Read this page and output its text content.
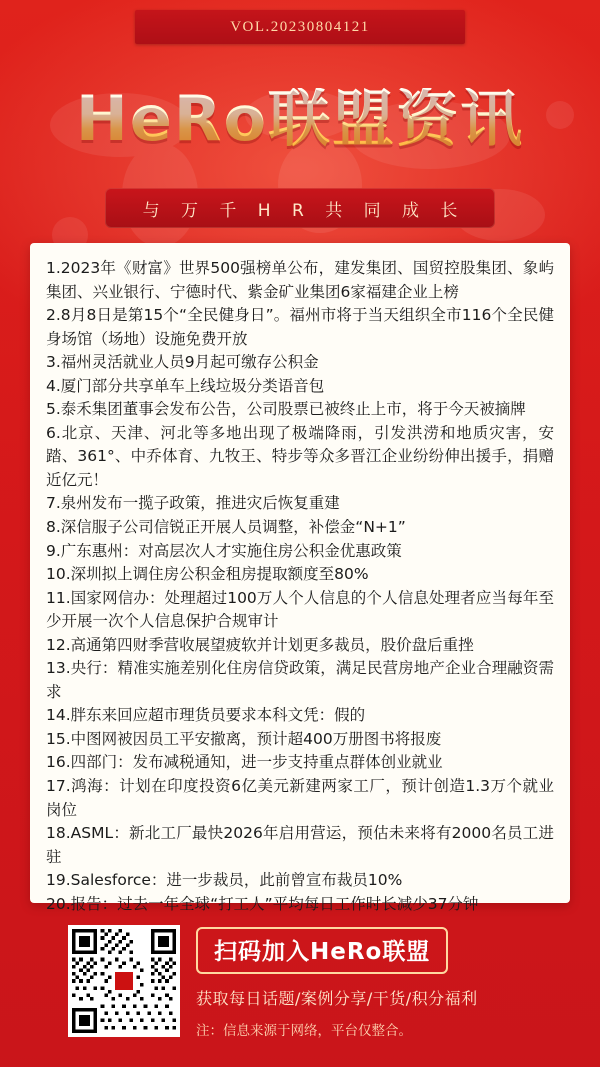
VOL.20230804121
HeRo联盟资讯
与 万 千 H R 共 同 成 长
1.2023年《财富》世界500强榜单公布，建发集团、国贸控股集团、象屿集团、兴业银行、宁德时代、紫金矿业集团6家福建企业上榜
2.8月8日是第15个“全民健身日”。福州市将于当天组织全市116个全民健身场馆（场地）设施免费开放
3.福州灵活就业人员9月起可缴存公积金
4.厦门部分共享单车上线垃圾分类语音包
5.泰禾集团董事会发布公告，公司股票已被终止上市，将于今天被摘牌
6.北京、天津、河北等多地出现了极端降雨，引发洪涝和地质灾害，安踏、361°、中乔体育、九牧王、特步等众多晋江企业纷纷伸出援手，捐赠近亿元！
7.泉州发布一揽子政策，推进灾后恢复重建
8.深信服子公司信锐正开展人员调整，补偿金“N+1”
9.广东惠州：对高层次人才实施住房公积金优惠政策
10.深圳拟上调住房公积金租房提取额度至80%
11.国家网信办：处理超过100万人个人信息的个人信息处理者应当每年至少开展一次个人信息保护合规审计
12.高通第四财季营收展望疲软并计划更多裁员，股价盘后重挫
13.央行：精准实施差别化住房信贷政策，满足民营房地产企业合理融资需求
14.胖东来回应超市理货员要求本科文凭：假的
15.中图网被因员工平安撤离，预计超400万册图书将报废
16.四部门：发布减税通知，进一步支持重点群体创业就业
17.鸿海：计划在印度投资6亿美元新建两家工厂，预计创造1.3万个就业岗位
18.ASML：新北工厂最快2026年启用营运，预估未来将有2000名员工进驻
19.Salesforce：进一步裁员，此前曾宣布裁员10%
20.报告：过去一年全球“打工人”平均每日工作时长减少37分钟
扫码加入HeRo联盟
获取每日话题/案例分享/干货/积分福利
注：信息来源于网络，平台仅整合。
